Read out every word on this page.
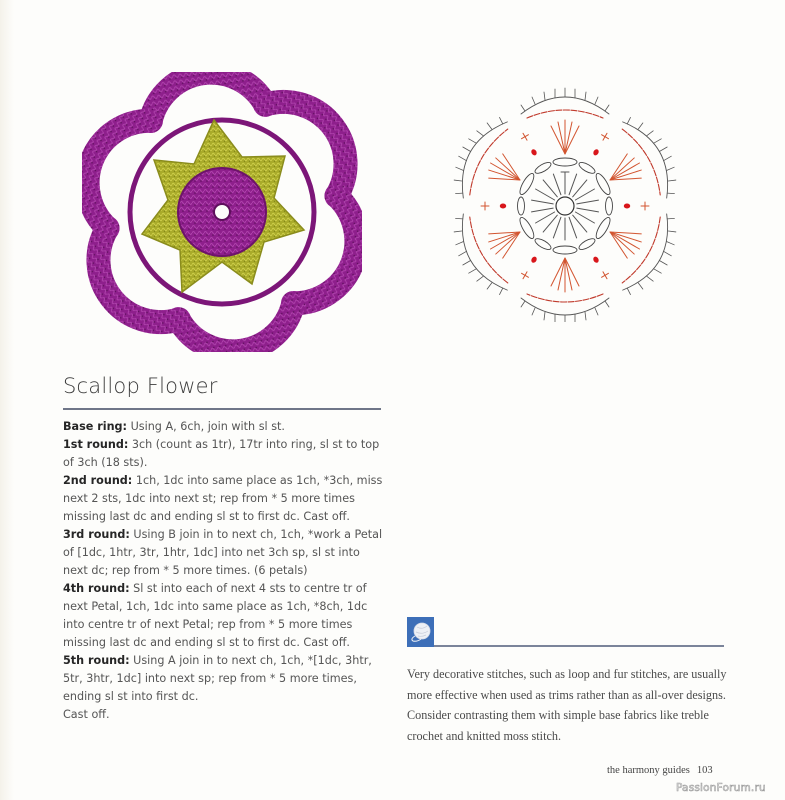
Scallop Flower

Base ring: Using A, 6ch, join with sl st.

1st round: 3ch (count as 1tr), 17tr into ring, sl st to top of 3ch (18 sts).

2nd round: 1ch, 1dc into same place as 1ch, *3ch, miss next 2 sts, 1dc into next st; rep from * 5 more times missing last dc and ending sl st to first dc. Cast off.

3rd round: Using B join in to next ch, 1ch, *work a Petal of [1dc, 1htr, 3tr, 1htr, 1dc] into net 3ch sp, sl st into next dc; rep from * 5 more times. (6 petals)

4th round: Sl st into each of next 4 sts to centre tr of next Petal, 1ch, 1dc into same place as 1ch, *8ch, 1dc into centre tr of next Petal; rep from * 5 more times missing last dc and ending sl st to first dc. Cast off.

5th round: Using A join in to next ch, 1ch, *[1dc, 3htr, 5tr, 3htr, 1dc] into next sp; rep from * 5 more times, ending sl st into first dc.

Cast off.

Very decorative stitches, such as loop and fur stitches, are usually more effective when used as trims rather than as all-over designs. Consider contrasting them with simple base fabrics like treble crochet and knitted moss stitch.
the harmony guides 103
PassionForum.ru
